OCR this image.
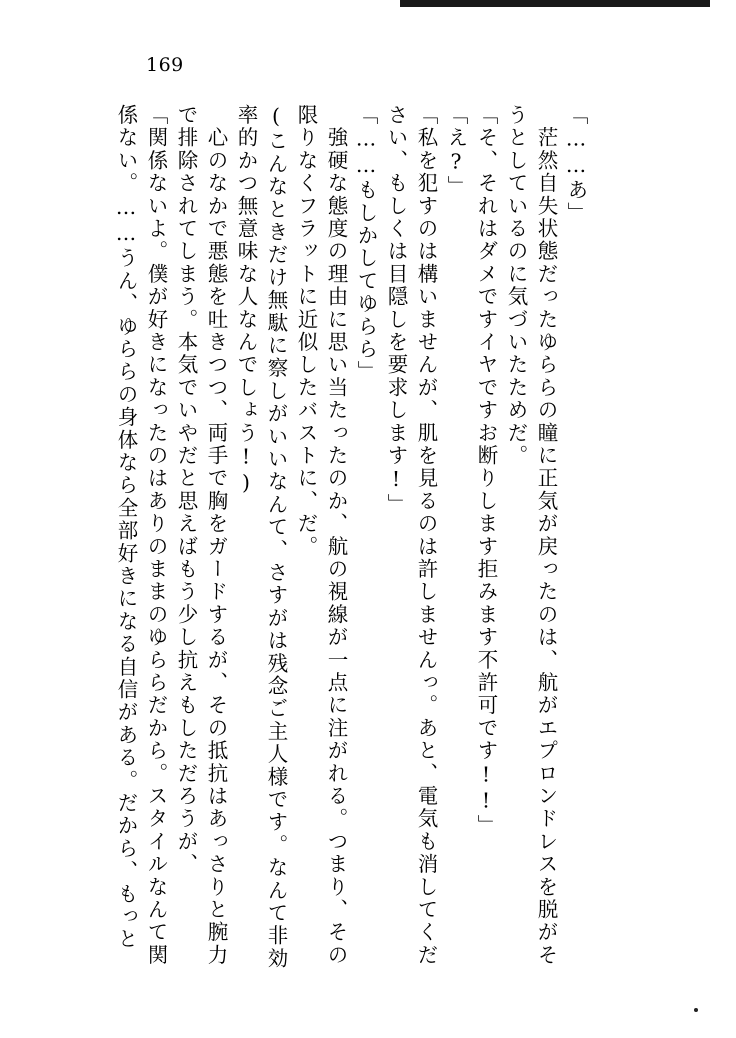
169
「……あ」
　茫然自失状態だったゆららの瞳に正気が戻ったのは、航がエプロンドレスを脱がそ
うとしているのに気づいたためだ。
「そ、それはダメですイヤですお断りします拒みます不許可です!!」
「え?」
「私を犯すのは構いませんが、肌を見るのは許しませんっ。あと、電気も消してくだ
さい、もしくは目隠しを要求します!」
「……もしかしてゆらら」
　強硬な態度の理由に思い当たったのか、航の視線が一点に注がれる。つまり、その
限りなくフラットに近似したバストに、だ。
(こんなときだけ無駄に察しがいいなんて、さすがは残念ご主人様です。なんて非効
率的かつ無意味な人なんでしょう!)
　心のなかで悪態を吐きつつ、両手で胸をガードするが、その抵抗はあっさりと腕力
で排除されてしまう。本気でいやだと思えばもう少し抗えもしただろうが、
「関係ないよ。僕が好きになったのはありのままのゆららだから。スタイルなんて関
係ない。……うん、ゆららの身体なら全部好きになる自信がある。だから、もっと
